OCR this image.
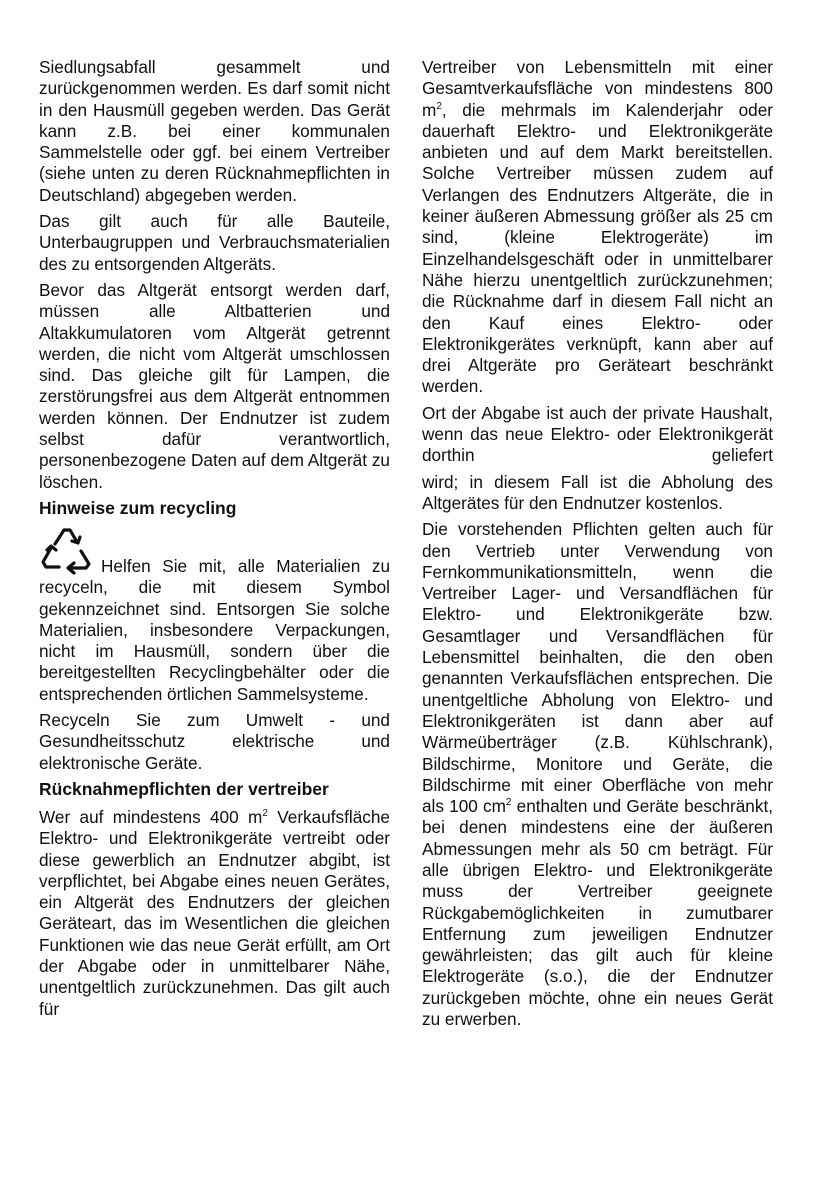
Siedlungsabfall gesammelt und zurückgenommen werden. Es darf somit nicht in den Hausmüll gegeben werden. Das Gerät kann z.B. bei einer kommunalen Sammelstelle oder ggf. bei einem Vertreiber (siehe unten zu deren Rücknahmepflichten in Deutschland) abgegeben werden.

Das gilt auch für alle Bauteile, Unterbaugruppen und Verbrauchsmaterialien des zu entsorgenden Altgeräts.

Bevor das Altgerät entsorgt werden darf, müssen alle Altbatterien und Altakkumulatoren vom Altgerät getrennt werden, die nicht vom Altgerät umschlossen sind. Das gleiche gilt für Lampen, die zerstörungsfrei aus dem Altgerät entnommen werden können. Der Endnutzer ist zudem selbst dafür verantwortlich, personenbezogene Daten auf dem Altgerät zu löschen.

Hinweise zum recycling

Helfen Sie mit, alle Materialien zu recyceln, die mit diesem Symbol gekennzeichnet sind. Entsorgen Sie solche Materialien, insbesondere Verpackungen, nicht im Hausmüll, sondern über die bereitgestellten Recyclingbehälter oder die entsprechenden örtlichen Sammelsysteme.

Recyceln Sie zum Umwelt - und Gesundheitsschutz elektrische und elektronische Geräte.

Rücknahmepflichten der vertreiber

Wer auf mindestens 400 $m^2$ Verkaufsfläche Elektro- und Elektronikgeräte vertreibt oder diese gewerblich an Endnutzer abgibt, ist verpflichtet, bei Abgabe eines neuen Gerätes, ein Altgerät des Endnutzers der gleichen Geräteart, das im Wesentlichen die gleichen Funktionen wie das neue Gerät erfüllt, am Ort der Abgabe oder in unmittelbarer Nähe, unentgeltlich zurückzunehmen. Das gilt auch für

Vertreiber von Lebensmitteln mit einer Gesamtverkaufsfläche von mindestens 800 $m^2$, die mehrmals im Kalenderjahr oder dauerhaft Elektro- und Elektronikgeräte anbieten und auf dem Markt bereitstellen. Solche Vertreiber müssen zudem auf Verlangen des Endnutzers Altgeräte, die in keiner äußeren Abmessung größer als 25 cm sind, (kleine Elektrogeräte) im Einzelhandelsgeschäft oder in unmittelbarer Nähe hierzu unentgeltlich zurückzunehmen; die Rücknahme darf in diesem Fall nicht an den Kauf eines Elektro- oder Elektronikgerätes verknüpft, kann aber auf drei Altgeräte pro Geräteart beschränkt werden.

Ort der Abgabe ist auch der private Haushalt, wenn das neue Elektro- oder Elektronikgerät dorthin geliefert

wird; in diesem Fall ist die Abholung des Altgerätes für den Endnutzer kostenlos.

Die vorstehenden Pflichten gelten auch für den Vertrieb unter Verwendung von Fernkommunikationsmitteln, wenn die Vertreiber Lager- und Versandflächen für Elektro- und Elektronikgeräte bzw. Gesamtlager und Versandflächen für Lebensmittel beinhalten, die den oben genannten Verkaufsflächen entsprechen. Die unentgeltliche Abholung von Elektro- und Elektronikgeräten ist dann aber auf Wärmeüberträger (z.B. Kühlschrank), Bildschirme, Monitore und Geräte, die Bildschirme mit einer Oberfläche von mehr als 100 $cm^2$ enthalten und Geräte beschränkt, bei denen mindestens eine der äußeren Abmessungen mehr als 50 cm beträgt. Für alle übrigen Elektro- und Elektronikgeräte muss der Vertreiber geeignete Rückgabemöglichkeiten in zumutbarer Entfernung zum jeweiligen Endnutzer gewährleisten; das gilt auch für kleine Elektrogeräte (s.o.), die der Endnutzer zurückgeben möchte, ohne ein neues Gerät zu erwerben.
